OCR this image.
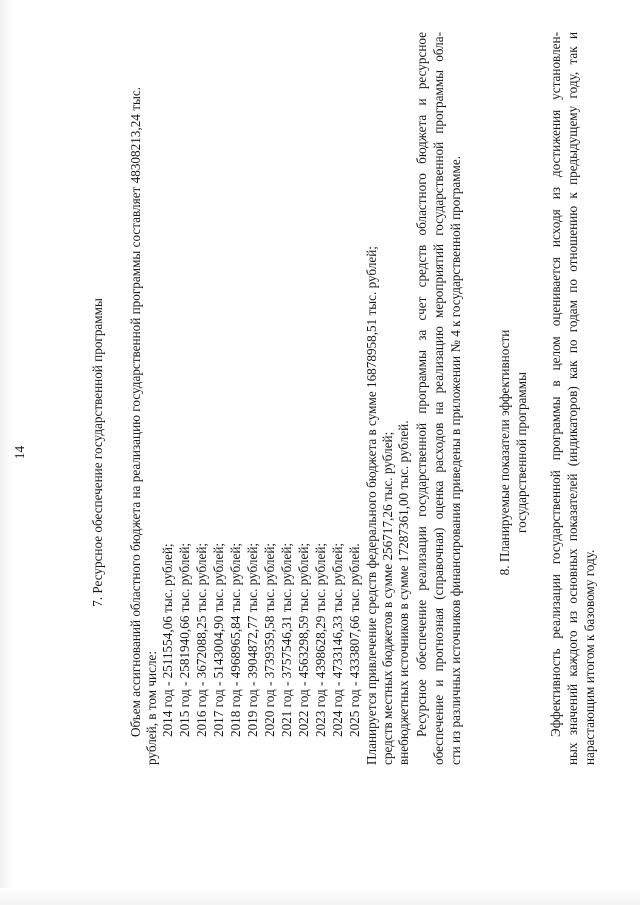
14	7. Ресурсное обеспечение государственной программы Объем ассигнований областного бюджета на реализацию государственной программы составляет 48308213,24 тыс. рублей, в том числе: 2014 год - 2511554,06 тыс. рублей; 2015 год - 2581940,66 тыс. рублей; 2016 год - 3672088,25 тыс. рублей; 2017 год - 5143004,90 тыс. рублей; 2018 год - 4968965,84 тыс. рублей; 2019 год - 3904872,77 тыс. рублей; 2020 год - 3739359,58 тыс. рублей; 2021 год - 3757546,31 тыс. рублей; 2022 год - 4563298,59 тыс. рублей; 2023 год - 4398628,29 тыс. рублей; 2024 год - 4733146,33 тыс. рублей; 2025 год - 4333807,66 тыс. рублей. Планируется привлечение средств федерального бюджета в сумме 16878958,51 тыс. рублей; средств местных бюджетов в сумме 256717,26 тыс. рублей; внебюджетных источников в сумме 17287361,00 тыс. рублей. Ресурсное обеспечение реализации государственной программы за счет средств областного бюджета и ресурсное обеспечение и прогнозная (справочная) оценка расходов на реализацию мероприятий государственной программы обла- сти из различных источников финансирования приведены в приложении № 4 к государственной программе.	8. Планируемые показатели эффективности государственной программы Эффективность реализации государственной программы в целом оценивается исходя из достижения установлен- ных значений каждого из основных показателей (индикаторов) как по годам по отношению к предыдущему году, так и нарастающим итогом к базовому году.
